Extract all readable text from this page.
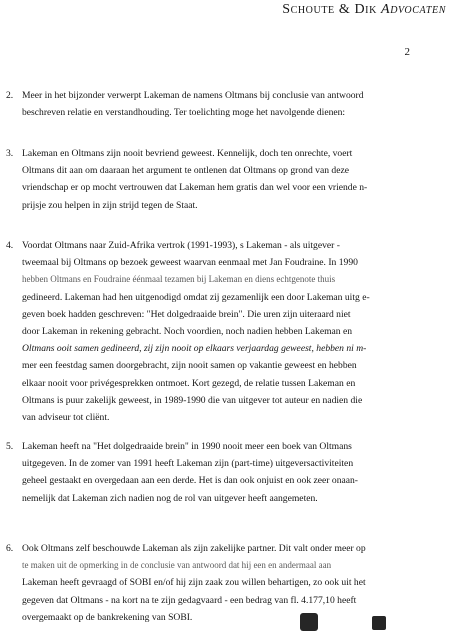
Schoute & Dik Advocaten
2
2. Meer in het bijzonder verwerpt Lakeman de namens Oltmans bij conclusie van antwoord
beschreven relatie en verstandhouding. Ter toelichting moge het navolgende dienen:
3. Lakeman en Oltmans zijn nooit bevriend geweest. Kennelijk, doch ten onrechte, voert
Oltmans dit aan om daaraan het argument te ontlenen dat Oltmans op grond van deze
vriendschap er op mocht vertrouwen dat Lakeman hem gratis dan wel voor een vriende n-
prijsje zou helpen in zijn strijd tegen de Staat.
4. Voordat Oltmans naar Zuid-Afrika vertrok (1991-1993), s Lakeman - als uitgever -
tweemaal bij Oltmans op bezoek geweest waarvan eenmaal met Jan Foudraine. In 1990
hebben Oltmans en Foudraine éénmaal tezamen bij Lakeman en diens echtgenote thuis
gedineerd. Lakeman had hen uitgenodigd omdat zij gezamenlijk een door Lakeman uitg e-
geven boek hadden geschreven: "Het dolgedraaide brein". Die uren zijn uiteraard niet
door Lakeman in rekening gebracht. Noch voordien, noch nadien hebben Lakeman en
Oltmans ooit samen gedineerd, zij zijn nooit op elkaars verjaardag geweest, hebben ni m-
mer een feestdag samen doorgebracht, zijn nooit samen op vakantie geweest en hebben
elkaar nooit voor privégesprekken ontmoet. Kort gezegd, de relatie tussen Lakeman en
Oltmans is puur zakelijk geweest, in 1989-1990 die van uitgever tot auteur en nadien die
van adviseur tot cliënt.
5. Lakeman heeft na "Het dolgedraaide brein" in 1990 nooit meer een boek van Oltmans
uitgegeven. In de zomer van 1991 heeft Lakeman zijn (part-time) uitgeversactiviteiten
geheel gestaakt en overgedaan aan een derde. Het is dan ook onjuist en ook zeer onaan-
nemelijk dat Lakeman zich nadien nog de rol van uitgever heeft aangemeten.
6. Ook Oltmans zelf beschouwde Lakeman als zijn zakelijke partner. Dit valt onder meer op
te maken uit de opmerking in de conclusie van antwoord dat hij een en andermaal aan
Lakeman heeft gevraagd of SOBI en/of hij zijn zaak zou willen behartigen, zo ook uit het
gegeven dat Oltmans - na kort na te zijn gedagvaard - een bedrag van fl. 4.177,10 heeft
overgemaakt op de bankrekening van SOBI.
